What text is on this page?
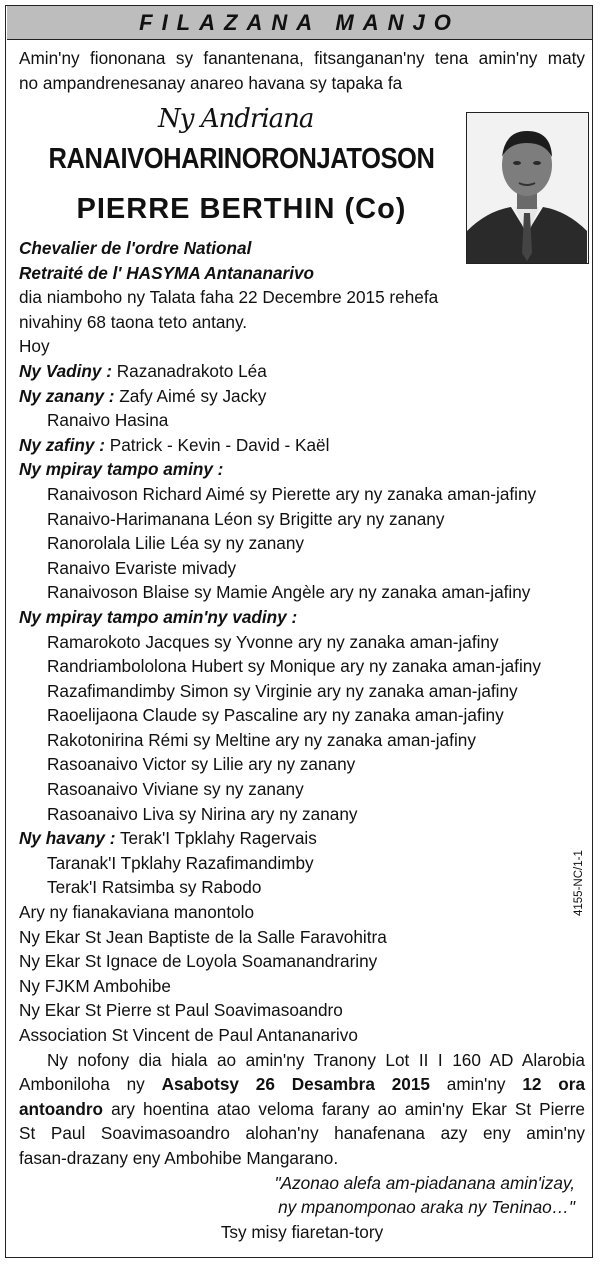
FILAZANA MANJO
Amin'ny fiononana sy fanantenana, fitsanganan'ny tena amin'ny maty
no ampandrenesanay anareo havana sy tapaka fa
Ny Andriana
RANAIVOHARINORONJATOSON
PIERRE BERTHIN (Co)
Chevalier de l'ordre National
Retraité de l' HASYMA Antananarivo
dia niamboho ny Talata faha 22 Decembre 2015 rehefa
nivahiny 68 taona teto antany.
Hoy
Ny Vadiny : Razanadrakoto Léa
Ny zanany : Zafy Aimé sy Jacky
Ranaivo Hasina
Ny zafiny : Patrick - Kevin - David - Kaël
Ny mpiray tampo aminy :
Ranaivoson Richard Aimé sy Pierette ary ny zanaka aman-jafiny
Ranaivo-Harimanana Léon sy Brigitte ary ny zanany
Ranorolala Lilie Léa sy ny zanany
Ranaivo Evariste mivady
Ranaivoson Blaise sy Mamie Angèle ary ny zanaka aman-jafiny
Ny mpiray tampo amin'ny vadiny :
Ramarokoto Jacques sy Yvonne ary ny zanaka aman-jafiny
Randriambololona Hubert sy Monique ary ny zanaka aman-jafiny
Razafimandimby Simon sy Virginie ary ny zanaka aman-jafiny
Raoelijaona Claude sy Pascaline ary ny zanaka aman-jafiny
Rakotonirina Rémi sy Meltine ary ny zanaka aman-jafiny
Rasoanaivo Victor sy Lilie ary ny zanany
Rasoanaivo Viviane sy ny zanany
Rasoanaivo Liva sy Nirina ary ny zanany
Ny havany : Terak'I Tpklahy Ragervais
Taranak'I Tpklahy Razafimandimby
Terak'I Ratsimba sy Rabodo
Ary ny fianakaviana manontolo
Ny Ekar St Jean Baptiste de la Salle Faravohitra
Ny Ekar St Ignace de Loyola Soamanandrariny
Ny FJKM Ambohibe
Ny Ekar St Pierre st Paul Soavimasoandro
Association St Vincent de Paul Antananarivo
Ny nofony dia hiala ao amin'ny Tranony Lot II I 160 AD Alarobia
Amboniloha ny Asabotsy 26 Desambra 2015 amin'ny 12 ora
antoandro ary hoentina atao veloma farany ao amin'ny Ekar St Pierre
St Paul Soavimasoandro alohan'ny hanafenana azy eny amin'ny
fasan-drazany eny Ambohibe Mangarano.
"Azonao alefa am-piadanana amin'izay,
ny mpanomponao araka ny Teninao…"
Tsy misy fiaretan-tory
4155-NC/1-1
